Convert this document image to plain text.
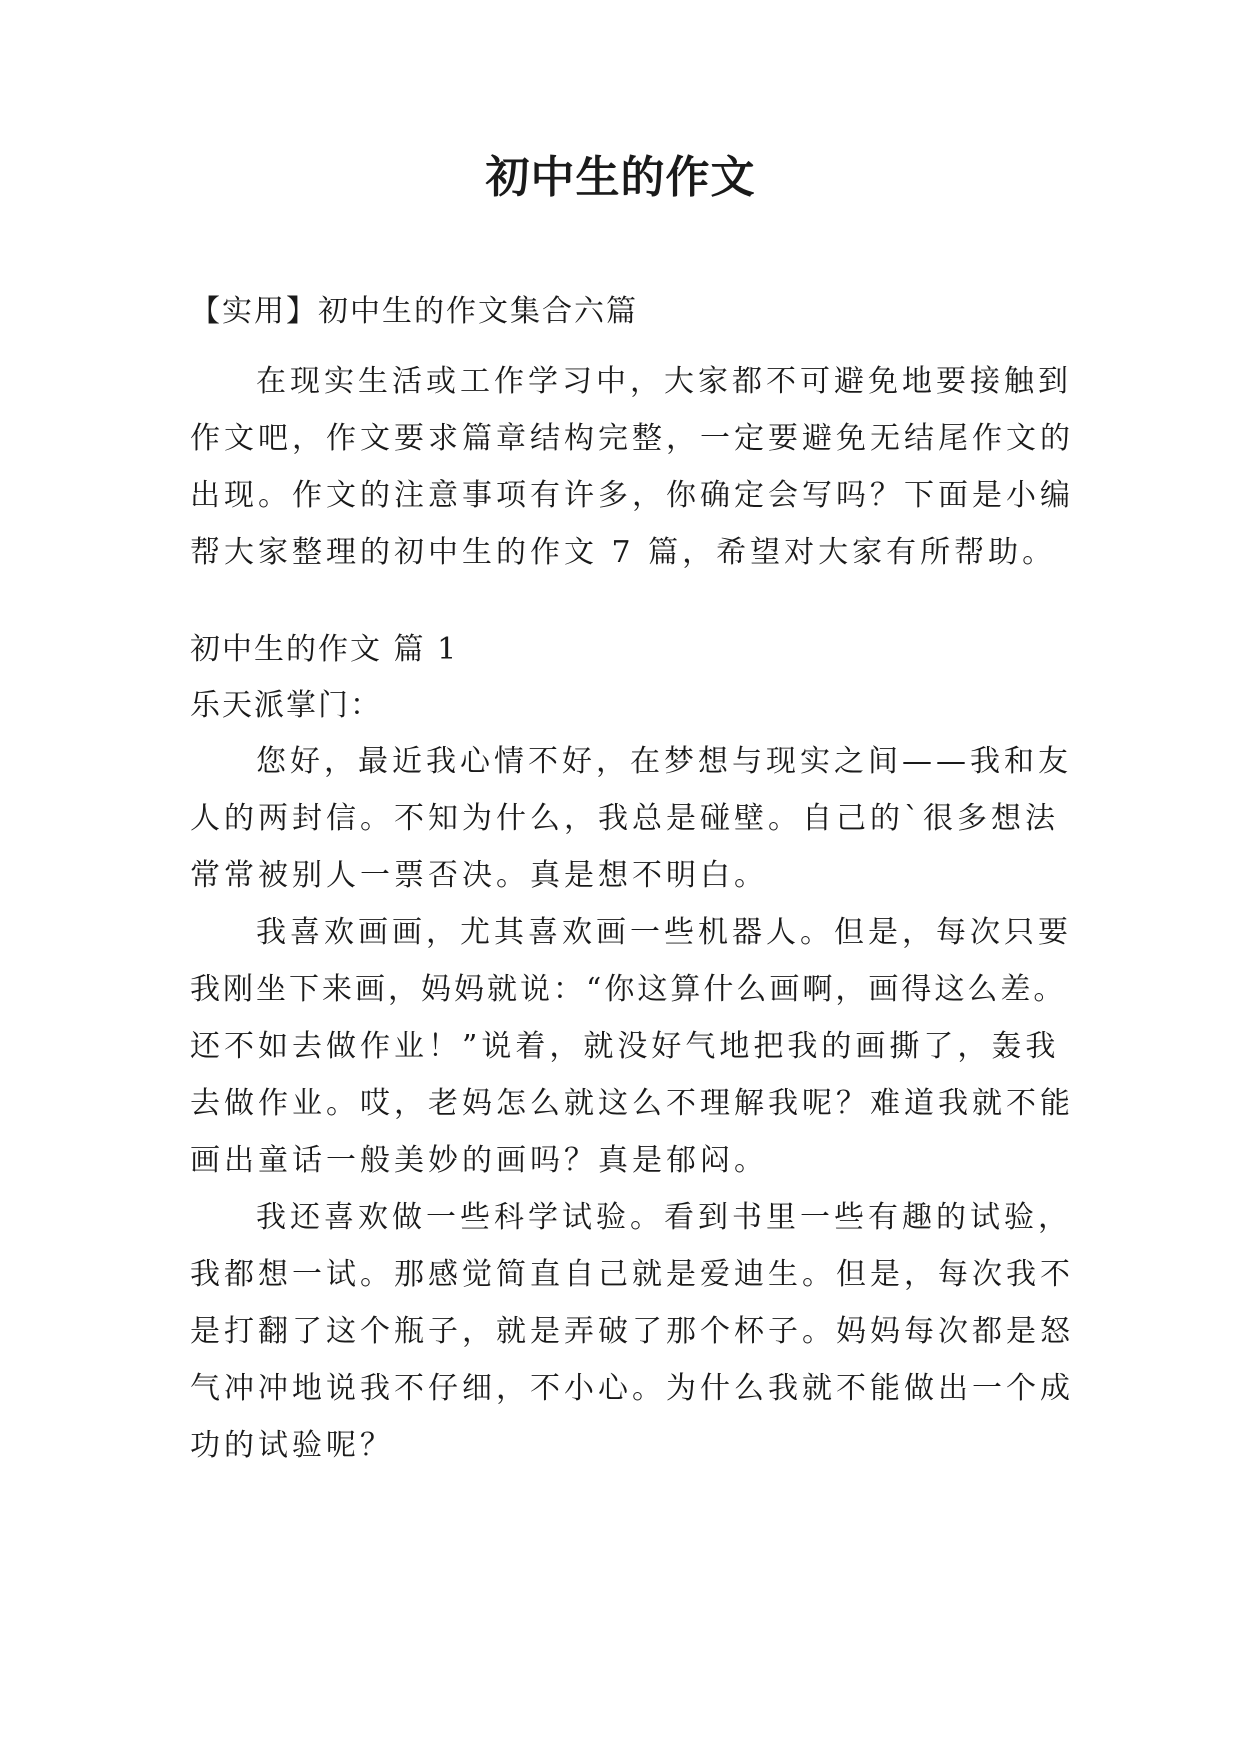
初中生的作文
【实用】初中生的作文集合六篇
在现实生活或工作学习中，大家都不可避免地要接触到
作文吧，作文要求篇章结构完整，一定要避免无结尾作文的
出现。作文的注意事项有许多，你确定会写吗？下面是小编
帮大家整理的初中生的作文 7 篇，希望对大家有所帮助。
初中生的作文 篇 1
乐天派掌门：
您好，最近我心情不好，在梦想与现实之间——我和友
人的两封信。不知为什么，我总是碰壁。自己的`很多想法
常常被别人一票否决。真是想不明白。
我喜欢画画，尤其喜欢画一些机器人。但是，每次只要
我刚坐下来画，妈妈就说：“你这算什么画啊，画得这么差。
还不如去做作业！”说着，就没好气地把我的画撕了，轰我
去做作业。哎，老妈怎么就这么不理解我呢？难道我就不能
画出童话一般美妙的画吗？真是郁闷。
我还喜欢做一些科学试验。看到书里一些有趣的试验，
我都想一试。那感觉简直自己就是爱迪生。但是，每次我不
是打翻了这个瓶子，就是弄破了那个杯子。妈妈每次都是怒
气冲冲地说我不仔细，不小心。为什么我就不能做出一个成
功的试验呢？
